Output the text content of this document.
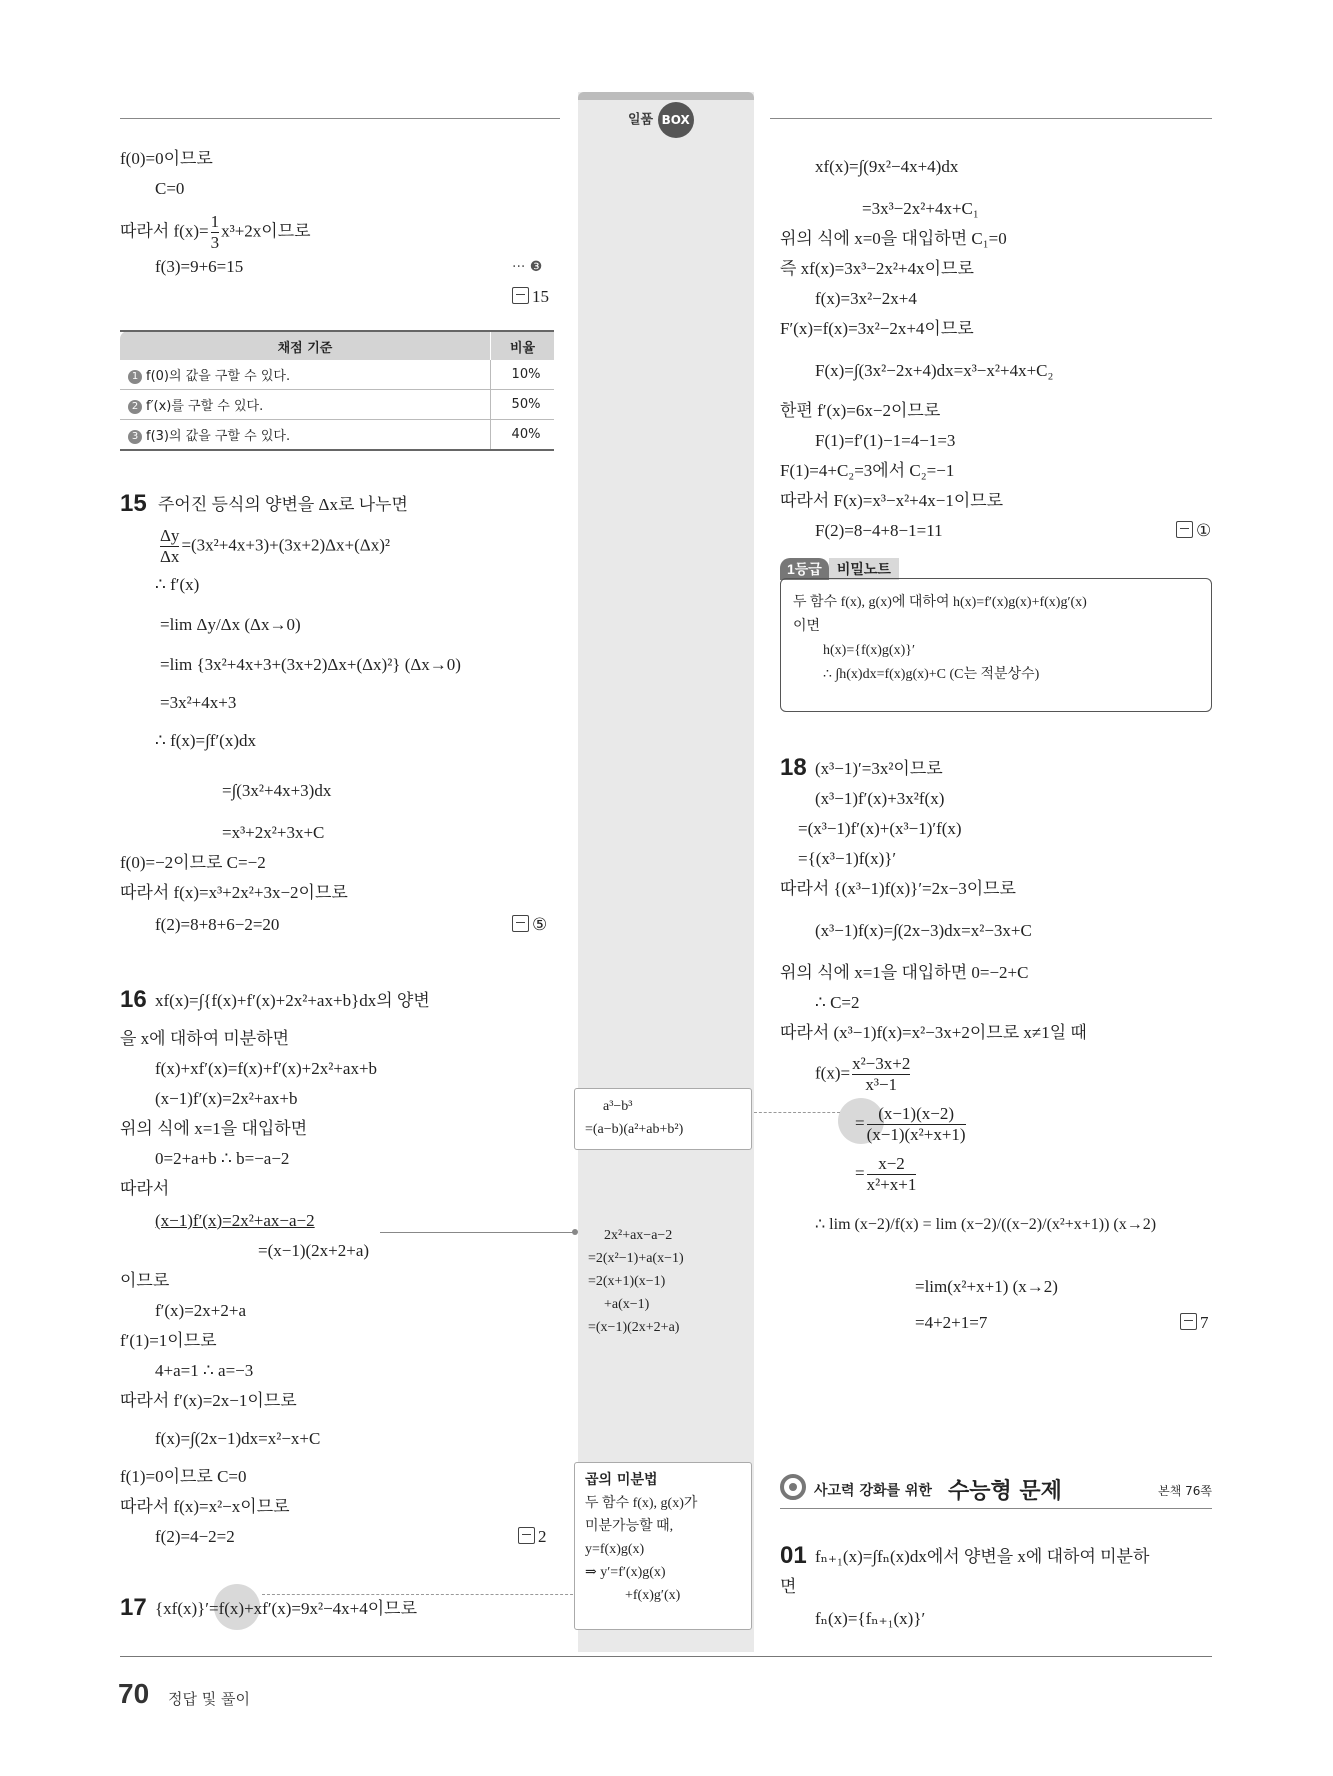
일품 BOX
f(0)=0이므로
C=0
따라서 $f(x)= \frac{1}{3} x^3+2x$이므로
f(3)=9+6=15	··· ❸
15
채점 기준	비율
1 f(0)의 값을 구할 수 있다.	10%
2 f′(x)를 구할 수 있다.	50%
3 f(3)의 값을 구할 수 있다.	40%
15 주어진 등식의 양변을 Δx로 나누면
$\frac{\Delta y}{\Delta x} =(3x^2+4x+3)+(3x+2)\Delta x+(\Delta x)^2$
∴ f′(x)
=lim Δy/Δx (Δx→0)
=lim {3x²+4x+3+(3x+2)Δx+(Δx)²} (Δx→0)
=3x²+4x+3
∴ f(x)=∫f′(x)dx
=∫(3x²+4x+3)dx
=x³+2x²+3x+C
f(0)=−2이므로 C=−2
따라서 f(x)=x³+2x²+3x−2이므로
f(2)=8+8+6−2=20	⑤
16 xf(x)=∫{f(x)+f′(x)+2x²+ax+b}dx의 양변
을 x에 대하여 미분하면
f(x)+xf′(x)=f(x)+f′(x)+2x²+ax+b
(x−1)f′(x)=2x²+ax+b
위의 식에 x=1을 대입하면
0=2+a+b ∴ b=−a−2
따라서
(x−1)f′(x)=2x²+ax−a−2
=(x−1)(2x+2+a)
이므로
f′(x)=2x+2+a
f′(1)=1이므로
4+a=1 ∴ a=−3
따라서 f′(x)=2x−1이므로
f(x)=∫(2x−1)dx=x²−x+C
f(1)=0이므로 C=0
따라서 f(x)=x²−x이므로
f(2)=4−2=2	2
17 {xf(x)}′=f(x)+xf′(x)=9x²−4x+4이므로
a³−b³
=(a−b)(a²+ab+b²)
2x²+ax−a−2
=2(x²−1)+a(x−1)
=2(x+1)(x−1)
+a(x−1)
=(x−1)(2x+2+a)
곱의 미분법
두 함수 f(x), g(x)가
미분가능할 때,
y=f(x)g(x)
⇒ y′=f′(x)g(x)
+f(x)g′(x)
xf(x)=∫(9x²−4x+4)dx
=3x³−2x²+4x+C₁
위의 식에 x=0을 대입하면 C₁=0
즉 xf(x)=3x³−2x²+4x이므로
f(x)=3x²−2x+4
F′(x)=f(x)=3x²−2x+4이므로
F(x)=∫(3x²−2x+4)dx=x³−x²+4x+C₂
한편 f′(x)=6x−2이므로
F(1)=f′(1)−1=4−1=3
F(1)=4+C₂=3에서 C₂=−1
따라서 F(x)=x³−x²+4x−1이므로
F(2)=8−4+8−1=11	①
1등급 비밀노트
두 함수 f(x), g(x)에 대하여 h(x)=f′(x)g(x)+f(x)g′(x)
이면
h(x)={f(x)g(x)}′
∴ ∫h(x)dx=f(x)g(x)+C (C는 적분상수)
18 (x³−1)′=3x²이므로
(x³−1)f′(x)+3x²f(x)
=(x³−1)f′(x)+(x³−1)′f(x)
={(x³−1)f(x)}′
따라서 {(x³−1)f(x)}′=2x−3이므로
(x³−1)f(x)=∫(2x−3)dx=x²−3x+C
위의 식에 x=1을 대입하면 0=−2+C
∴ C=2
따라서 (x³−1)f(x)=x²−3x+2이므로 x≠1일 때
$f(x)= \frac{\text{x²−3x+2}}{\text{x³−1}}$
= $\frac{(x-1)(x-2)}{\text{(x−1)(x²+x+1)}}$
= $\frac{x-2}{\text{x²+x+1}}$
∴ lim (x−2)/f(x) = lim (x−2)/((x−2)/(x²+x+1)) (x→2)
=lim(x²+x+1) (x→2)
=4+2+1=7	7
사고력 강화를 위한 수능형 문제	본책 76쪽
01 fₙ₊₁(x)=∫fₙ(x)dx에서 양변을 x에 대하여 미분하
면
fₙ(x)={fₙ₊₁(x)}′
70 정답 및 풀이
